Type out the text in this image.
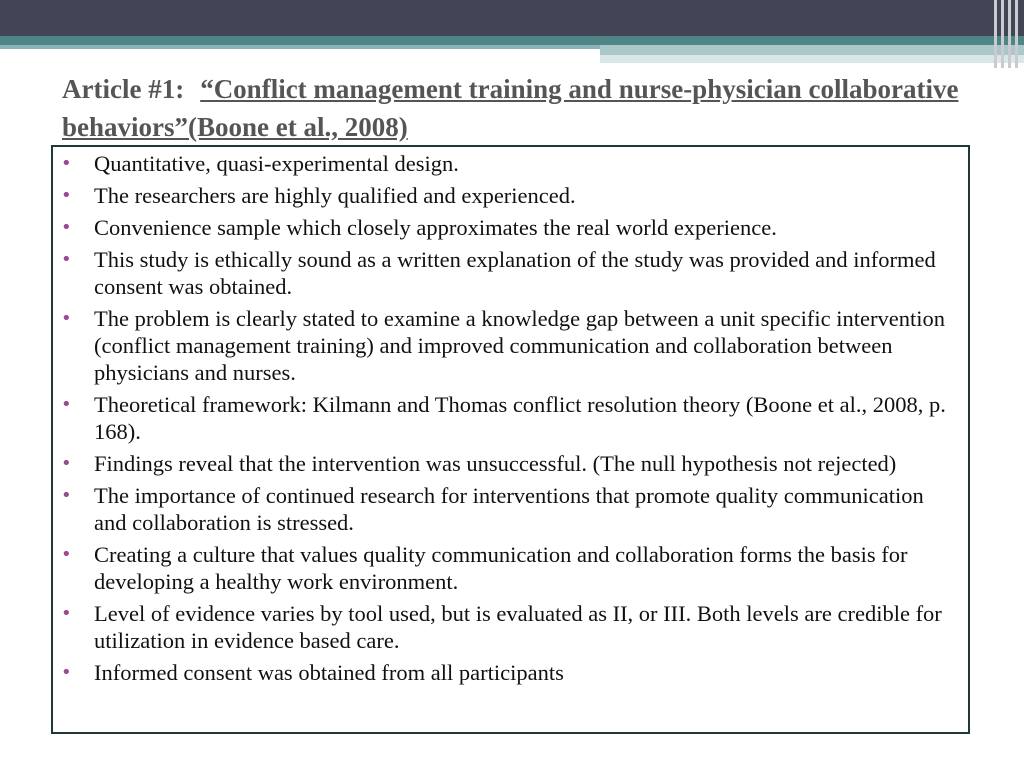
Article #1: “Conflict management training and nurse-physician collaborative behaviors”(Boone et al., 2008)
• Quantitative, quasi-experimental design.
• The researchers are highly qualified and experienced.
• Convenience sample which closely approximates the real world experience.
• This study is ethically sound as a written explanation of the study was provided and informed consent was obtained.
• The problem is clearly stated to examine a knowledge gap between a unit specific intervention (conflict management training) and improved communication and collaboration between physicians and nurses.
• Theoretical framework: Kilmann and Thomas conflict resolution theory (Boone et al., 2008, p. 168).
• Findings reveal that the intervention was unsuccessful. (The null hypothesis not rejected)
• The importance of continued research for interventions that promote quality communication and collaboration is stressed.
• Creating a culture that values quality communication and collaboration forms the basis for developing a healthy work environment.
• Level of evidence varies by tool used, but is evaluated as II, or III. Both levels are credible for utilization in evidence based care.
• Informed consent was obtained from all participants
